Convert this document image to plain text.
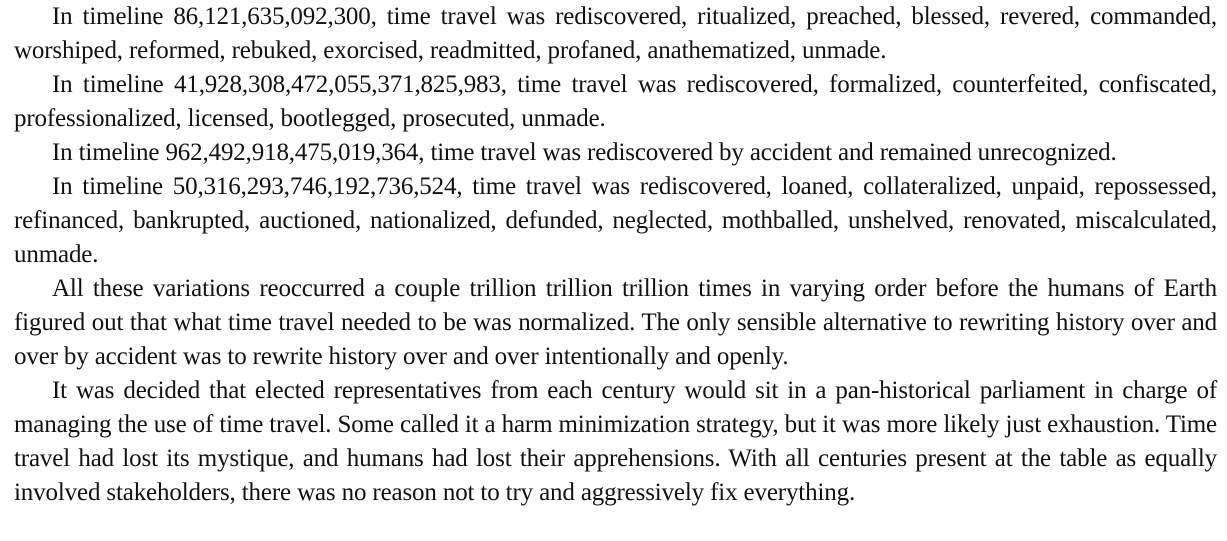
In timeline 86,121,635,092,300, time travel was rediscovered, ritualized, preached, blessed, revered, commanded, worshiped, reformed, rebuked, exorcised, readmitted, profaned, anathematized, unmade.

In timeline 41,928,308,472,055,371,825,983, time travel was rediscovered, formalized, counterfeited, confiscated, professionalized, licensed, bootlegged, prosecuted, unmade.

In timeline 962,492,918,475,019,364, time travel was rediscovered by accident and remained unrecognized.

In timeline 50,316,293,746,192,736,524, time travel was rediscovered, loaned, collateralized, unpaid, repossessed, refinanced, bankrupted, auctioned, nationalized, defunded, neglected, mothballed, unshelved, renovated, miscalculated, unmade.

All these variations reoccurred a couple trillion trillion trillion times in varying order before the humans of Earth figured out that what time travel needed to be was normalized. The only sensible alternative to rewriting history over and over by accident was to rewrite history over and over intentionally and openly.

It was decided that elected representatives from each century would sit in a pan-historical parliament in charge of managing the use of time travel. Some called it a harm minimization strategy, but it was more likely just exhaustion. Time travel had lost its mystique, and humans had lost their apprehensions. With all centuries present at the table as equally involved stakeholders, there was no reason not to try and aggressively fix everything.
